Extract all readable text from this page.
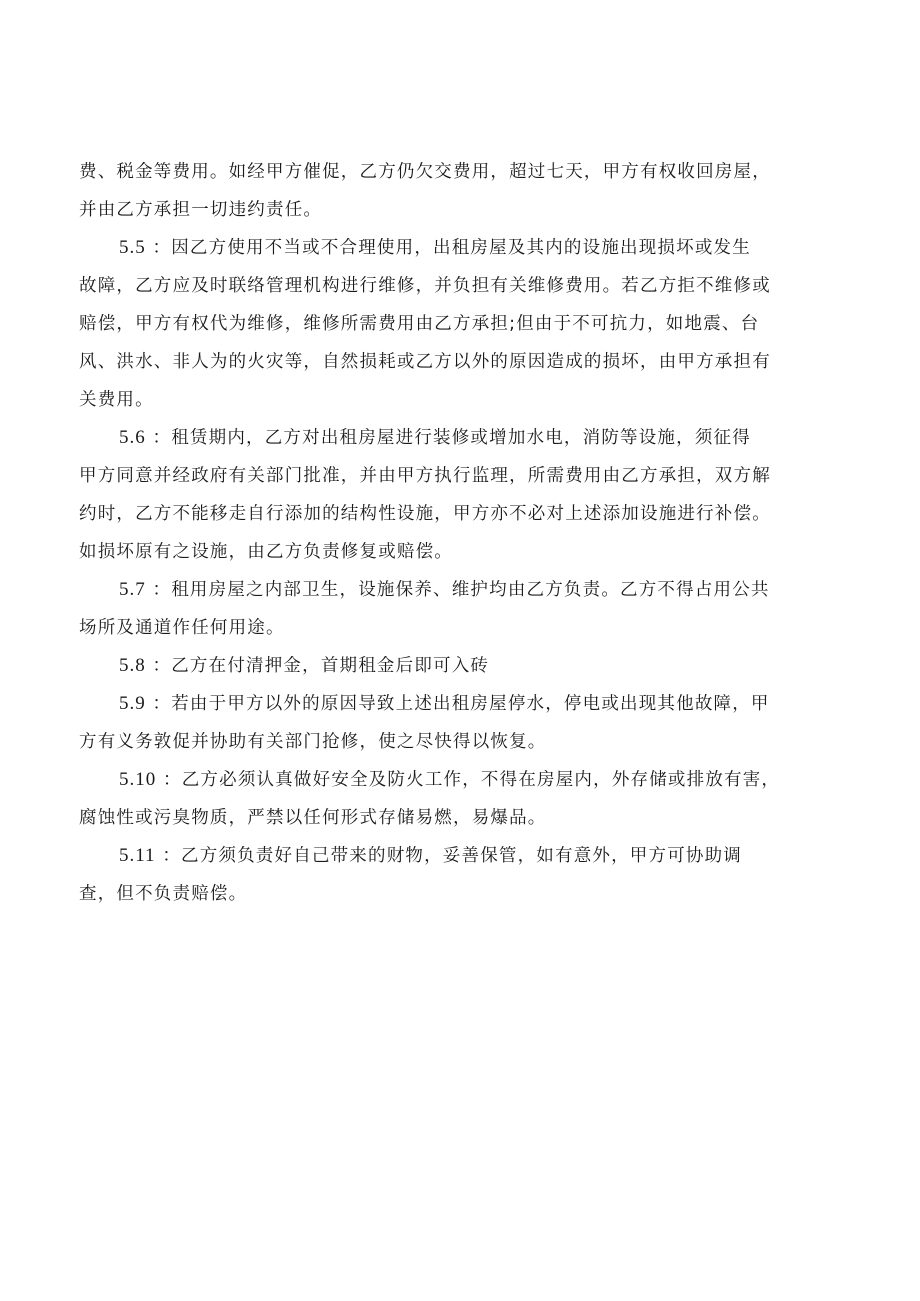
费、税金等费用。如经甲方催促，乙方仍欠交费用，超过七天，甲方有权收回房屋，
并由乙方承担一切违约责任。
5.5 ：因乙方使用不当或不合理使用，出租房屋及其内的设施出现损坏或发生
故障，乙方应及时联络管理机构进行维修，并负担有关维修费用。若乙方拒不维修或
赔偿，甲方有权代为维修，维修所需费用由乙方承担;但由于不可抗力，如地震、台
风、洪水、非人为的火灾等，自然损耗或乙方以外的原因造成的损坏，由甲方承担有
关费用。
5.6 ：租赁期内，乙方对出租房屋进行装修或增加水电，消防等设施，须征得
甲方同意并经政府有关部门批准，并由甲方执行监理，所需费用由乙方承担，双方解
约时，乙方不能移走自行添加的结构性设施，甲方亦不必对上述添加设施进行补偿。
如损坏原有之设施，由乙方负责修复或赔偿。
5.7 ：租用房屋之内部卫生，设施保养、维护均由乙方负责。乙方不得占用公共
场所及通道作任何用途。
5.8 ：乙方在付清押金，首期租金后即可入砖
5.9 ：若由于甲方以外的原因导致上述出租房屋停水，停电或出现其他故障，甲
方有义务敦促并协助有关部门抢修，使之尽快得以恢复。
5.10 ：乙方必须认真做好安全及防火工作，不得在房屋内，外存储或排放有害，
腐蚀性或污臭物质，严禁以任何形式存储易燃，易爆品。
5.11 ：乙方须负责好自己带来的财物，妥善保管，如有意外，甲方可协助调
查，但不负责赔偿。
